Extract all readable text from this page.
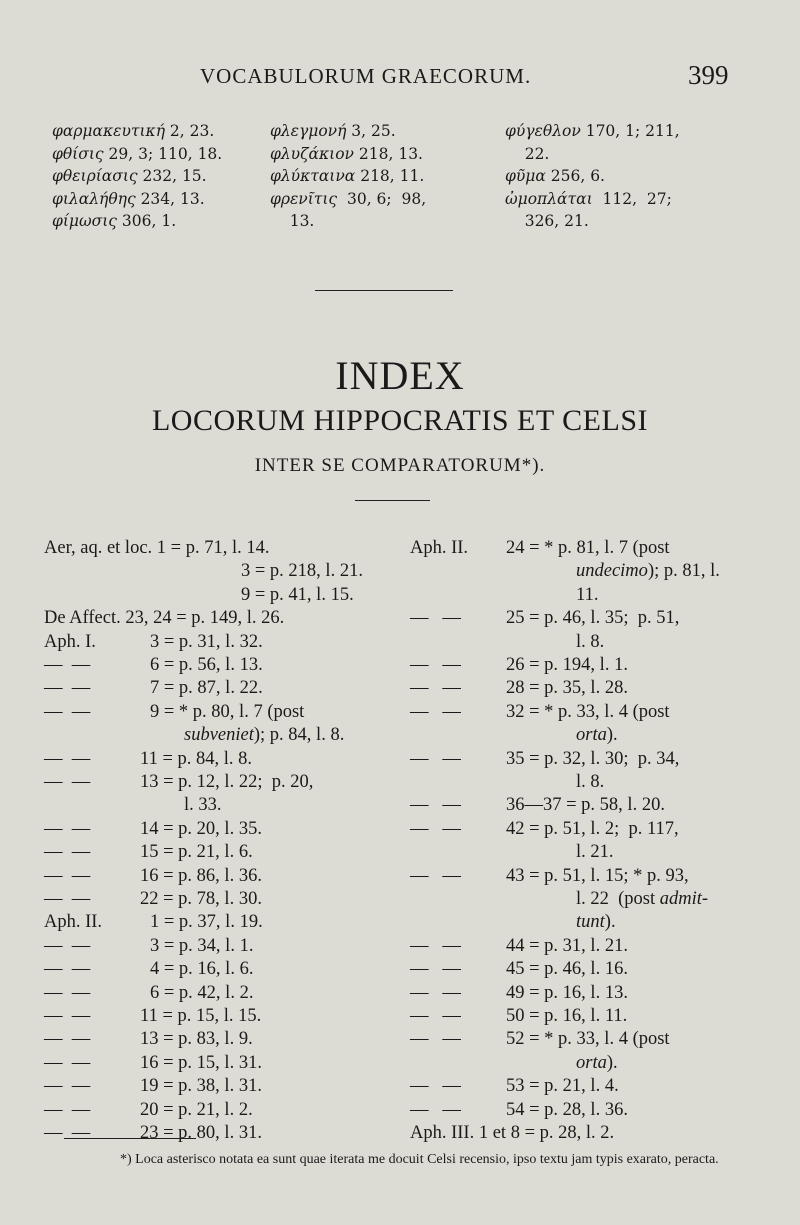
VOCABULORUM GRAECORUM.	399
φαρμακευτική 2, 23.
φθίσις 29, 3; 110, 18.
φθειρίασις 232, 15.
φιλαλήθης 234, 13.
φίμωσις 306, 1.
φλεγμονή 3, 25.
φλυζάκιον 218, 13.
φλύκταινα 218, 11.
φρενῖτις  30, 6;  98,
13.
φύγεθλον 170, 1; 211,
22.
φῦμα 256, 6.
ὠμοπλάται  112,  27;
326, 21.
INDEX
LOCORUM HIPPOCRATIS ET CELSI
INTER SE COMPARATORUM*).
Aer, aq. et loc. 1 = p. 71, l. 14.
3 = p. 218, l. 21.
9 = p. 41, l. 15.
De Affect. 23, 24 = p. 149, l. 26.
Aph. I.	3 = p. 31, l. 32.
—  —	6 = p. 56, l. 13.
—  —	7 = p. 87, l. 22.
—  —	9 = * p. 80, l. 7 (post
subveniet); p. 84, l. 8.
—  —	11 = p. 84, l. 8.
—  —	13 = p. 12, l. 22;  p. 20,
l. 33.
—  —	14 = p. 20, l. 35.
—  —	15 = p. 21, l. 6.
—  —	16 = p. 86, l. 36.
—  —	22 = p. 78, l. 30.
Aph. II.	1 = p. 37, l. 19.
—  —	3 = p. 34, l. 1.
—  —	4 = p. 16, l. 6.
—  —	6 = p. 42, l. 2.
—  —	11 = p. 15, l. 15.
—  —	13 = p. 83, l. 9.
—  —	16 = p. 15, l. 31.
—  —	19 = p. 38, l. 31.
—  —	20 = p. 21, l. 2.
—  —	23 = p. 80, l. 31.
Aph. II. 24 = * p. 81, l. 7 (post
undecimo); p. 81, l.
11.
—   — 25 = p. 46, l. 35;  p. 51,
l. 8.
—   — 26 = p. 194, l. 1.
—   — 28 = p. 35, l. 28.
—   — 32 = * p. 33, l. 4 (post
orta).
—   — 35 = p. 32, l. 30;  p. 34,
l. 8.
—   — 36—37 = p. 58, l. 20.
—   — 42 = p. 51, l. 2;  p. 117,
l. 21.
—   — 43 = p. 51, l. 15; * p. 93,
l. 22  (post admit-
tunt).
—   — 44 = p. 31, l. 21.
—   — 45 = p. 46, l. 16.
—   — 49 = p. 16, l. 13.
—   — 50 = p. 16, l. 11.
—   — 52 = * p. 33, l. 4 (post
orta).
—   — 53 = p. 21, l. 4.
—   — 54 = p. 28, l. 36.
Aph. III. 1 et 8 = p. 28, l. 2.
*) Loca asterisco notata ea sunt quae iterata me docuit Celsi recensio, ipso textu jam typis exarato, peracta.
